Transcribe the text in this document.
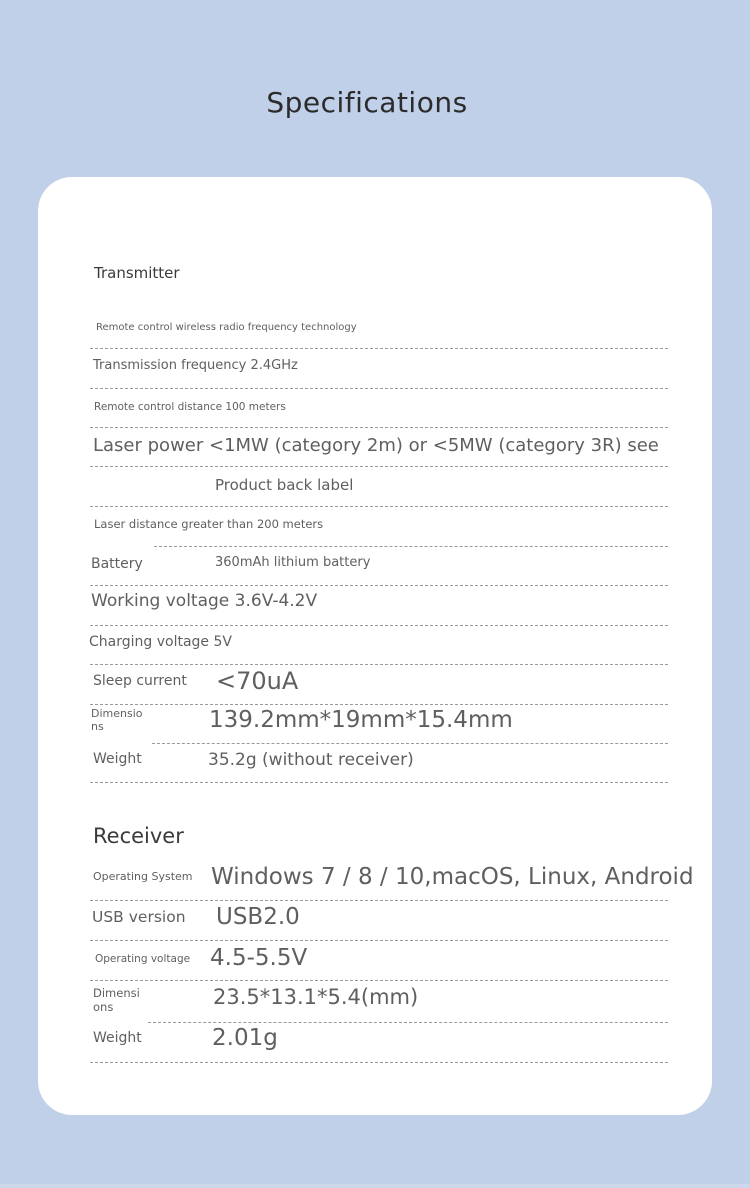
Specifications
Transmitter
Remote control wireless radio frequency technology
Transmission frequency 2.4GHz
Remote control distance 100 meters
Laser power <1MW (category 2m) or <5MW (category 3R) see
Product back label
Laser distance greater than 200 meters
Battery	360mAh lithium battery
Working voltage 3.6V-4.2V
Charging voltage 5V
Sleep current <70uA
Dimensio
ns	139.2mm*19mm*15.4mm
Weight	35.2g (without receiver)
Receiver
Operating System Windows 7 / 8 / 10,macOS, Linux, Android
USB version USB2.0
Operating voltage 4.5-5.5V
Dimensi
ons	23.5*13.1*5.4(mm)
Weight	2.01g
